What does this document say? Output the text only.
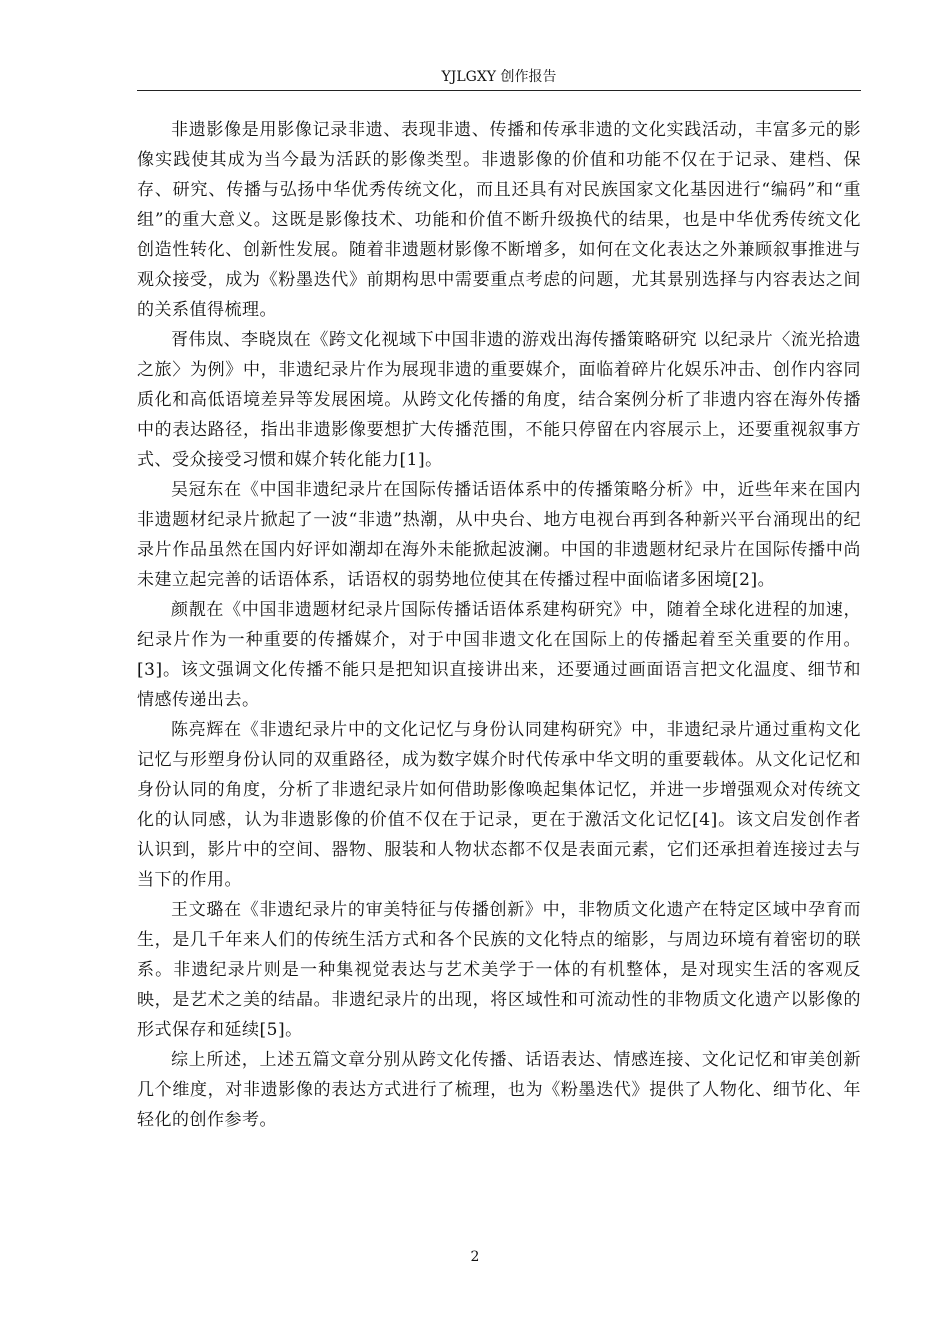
YJLGXY 创作报告

非遗影像是用影像记录非遗、表现非遗、传播和传承非遗的文化实践活动，丰富多元的影像实践使其成为当今最为活跃的影像类型。非遗影像的价值和功能不仅在于记录、建档、保存、研究、传播与弘扬中华优秀传统文化，而且还具有对民族国家文化基因进行“编码”和“重组”的重大意义。这既是影像技术、功能和价值不断升级换代的结果，也是中华优秀传统文化创造性转化、创新性发展。随着非遗题材影像不断增多，如何在文化表达之外兼顾叙事推进与观众接受，成为《粉墨迭代》前期构思中需要重点考虑的问题，尤其景别选择与内容表达之间的关系值得梳理。

胥伟岚、李晓岚在《跨文化视域下中国非遗的游戏出海传播策略研究 以纪录片〈流光拾遗之旅〉为例》中，非遗纪录片作为展现非遗的重要媒介，面临着碎片化娱乐冲击、创作内容同质化和高低语境差异等发展困境。从跨文化传播的角度，结合案例分析了非遗内容在海外传播中的表达路径，指出非遗影像要想扩大传播范围，不能只停留在内容展示上，还要重视叙事方式、受众接受习惯和媒介转化能力[1]。

吴冠东在《中国非遗纪录片在国际传播话语体系中的传播策略分析》中，近些年来在国内非遗题材纪录片掀起了一波“非遗”热潮，从中央台、地方电视台再到各种新兴平台涌现出的纪录片作品虽然在国内好评如潮却在海外未能掀起波澜。中国的非遗题材纪录片在国际传播中尚未建立起完善的话语体系，话语权的弱势地位使其在传播过程中面临诸多困境[2]。

颜靓在《中国非遗题材纪录片国际传播话语体系建构研究》中，随着全球化进程的加速，纪录片作为一种重要的传播媒介，对于中国非遗文化在国际上的传播起着至关重要的作用。[3]。该文强调文化传播不能只是把知识直接讲出来，还要通过画面语言把文化温度、细节和情感传递出去。

陈亮辉在《非遗纪录片中的文化记忆与身份认同建构研究》中，非遗纪录片通过重构文化记忆与形塑身份认同的双重路径，成为数字媒介时代传承中华文明的重要载体。从文化记忆和身份认同的角度，分析了非遗纪录片如何借助影像唤起集体记忆，并进一步增强观众对传统文化的认同感，认为非遗影像的价值不仅在于记录，更在于激活文化记忆[4]。该文启发创作者认识到，影片中的空间、器物、服装和人物状态都不仅是表面元素，它们还承担着连接过去与当下的作用。

王文璐在《非遗纪录片的审美特征与传播创新》中，非物质文化遗产在特定区域中孕育而生，是几千年来人们的传统生活方式和各个民族的文化特点的缩影，与周边环境有着密切的联系。非遗纪录片则是一种集视觉表达与艺术美学于一体的有机整体，是对现实生活的客观反映，是艺术之美的结晶。非遗纪录片的出现，将区域性和可流动性的非物质文化遗产以影像的形式保存和延续[5]。

综上所述，上述五篇文章分别从跨文化传播、话语表达、情感连接、文化记忆和审美创新几个维度，对非遗影像的表达方式进行了梳理，也为《粉墨迭代》提供了人物化、细节化、年轻化的创作参考。

2
